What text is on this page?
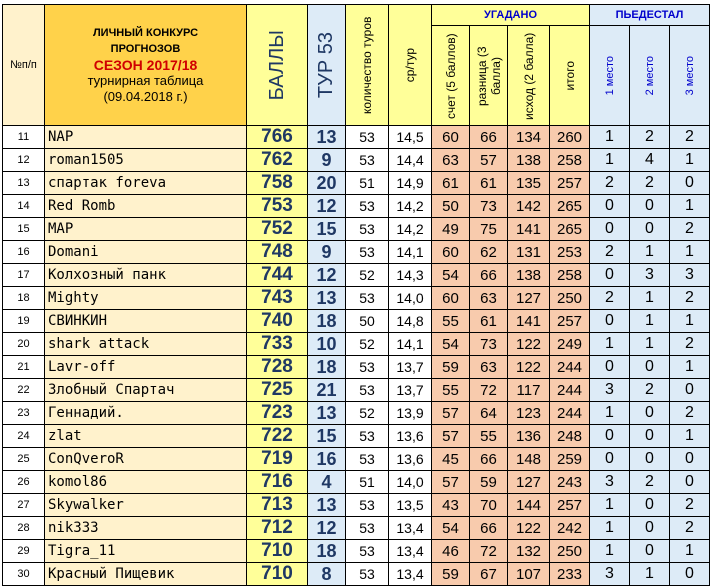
№п/п	ЛИЧНЫЙ КОНКУРС
ПРОГНОЗОВ
СЕЗОН 2017/18
турнирная таблица
(09.04.2018 г.)	БАЛЛЫ	ТУР 53	количество туров	ср/тур	УГАДАНО				ПЬЕДЕСТАЛ		

						счет (5 баллов)	разница (3 балла)	исход (2 балла)	итого	1 место	2 место	3 место

11	NAP	766	13	53	14,5	60	66	134	260	1	2	2
12	roman1505	762	9	53	14,4	63	57	138	258	1	4	1
13	спартак foreva	758	20	51	14,9	61	61	135	257	2	2	0
14	Red Romb	753	12	53	14,2	50	73	142	265	0	0	1
15	MAP	752	15	53	14,2	49	75	141	265	0	0	2
16	Domani	748	9	53	14,1	60	62	131	253	2	1	1
17	Колхозный панк	744	12	52	14,3	54	66	138	258	0	3	3
18	Mighty	743	13	53	14,0	60	63	127	250	2	1	2
19	СВИНКИН	740	18	50	14,8	55	61	141	257	0	1	1
20	shark attack	733	10	52	14,1	54	73	122	249	1	1	2
21	Lavr-off	728	18	53	13,7	59	63	122	244	0	0	1
22	Злобный Спартач	725	21	53	13,7	55	72	117	244	3	2	0
23	Геннадий.	723	13	52	13,9	57	64	123	244	1	0	2
24	zlat	722	15	53	13,6	57	55	136	248	0	0	1
25	ConQveroR	719	16	53	13,6	45	66	148	259	0	0	0
26	komol86	716	4	51	14,0	57	59	127	243	3	2	0
27	Skywalker	713	13	53	13,5	43	70	144	257	1	0	2
28	nik333	712	12	53	13,4	54	66	122	242	1	0	2
29	Tigra_11	710	18	53	13,4	46	72	132	250	1	0	1
30	Красный Пищевик	710	8	53	13,4	59	67	107	233	3	1	0
